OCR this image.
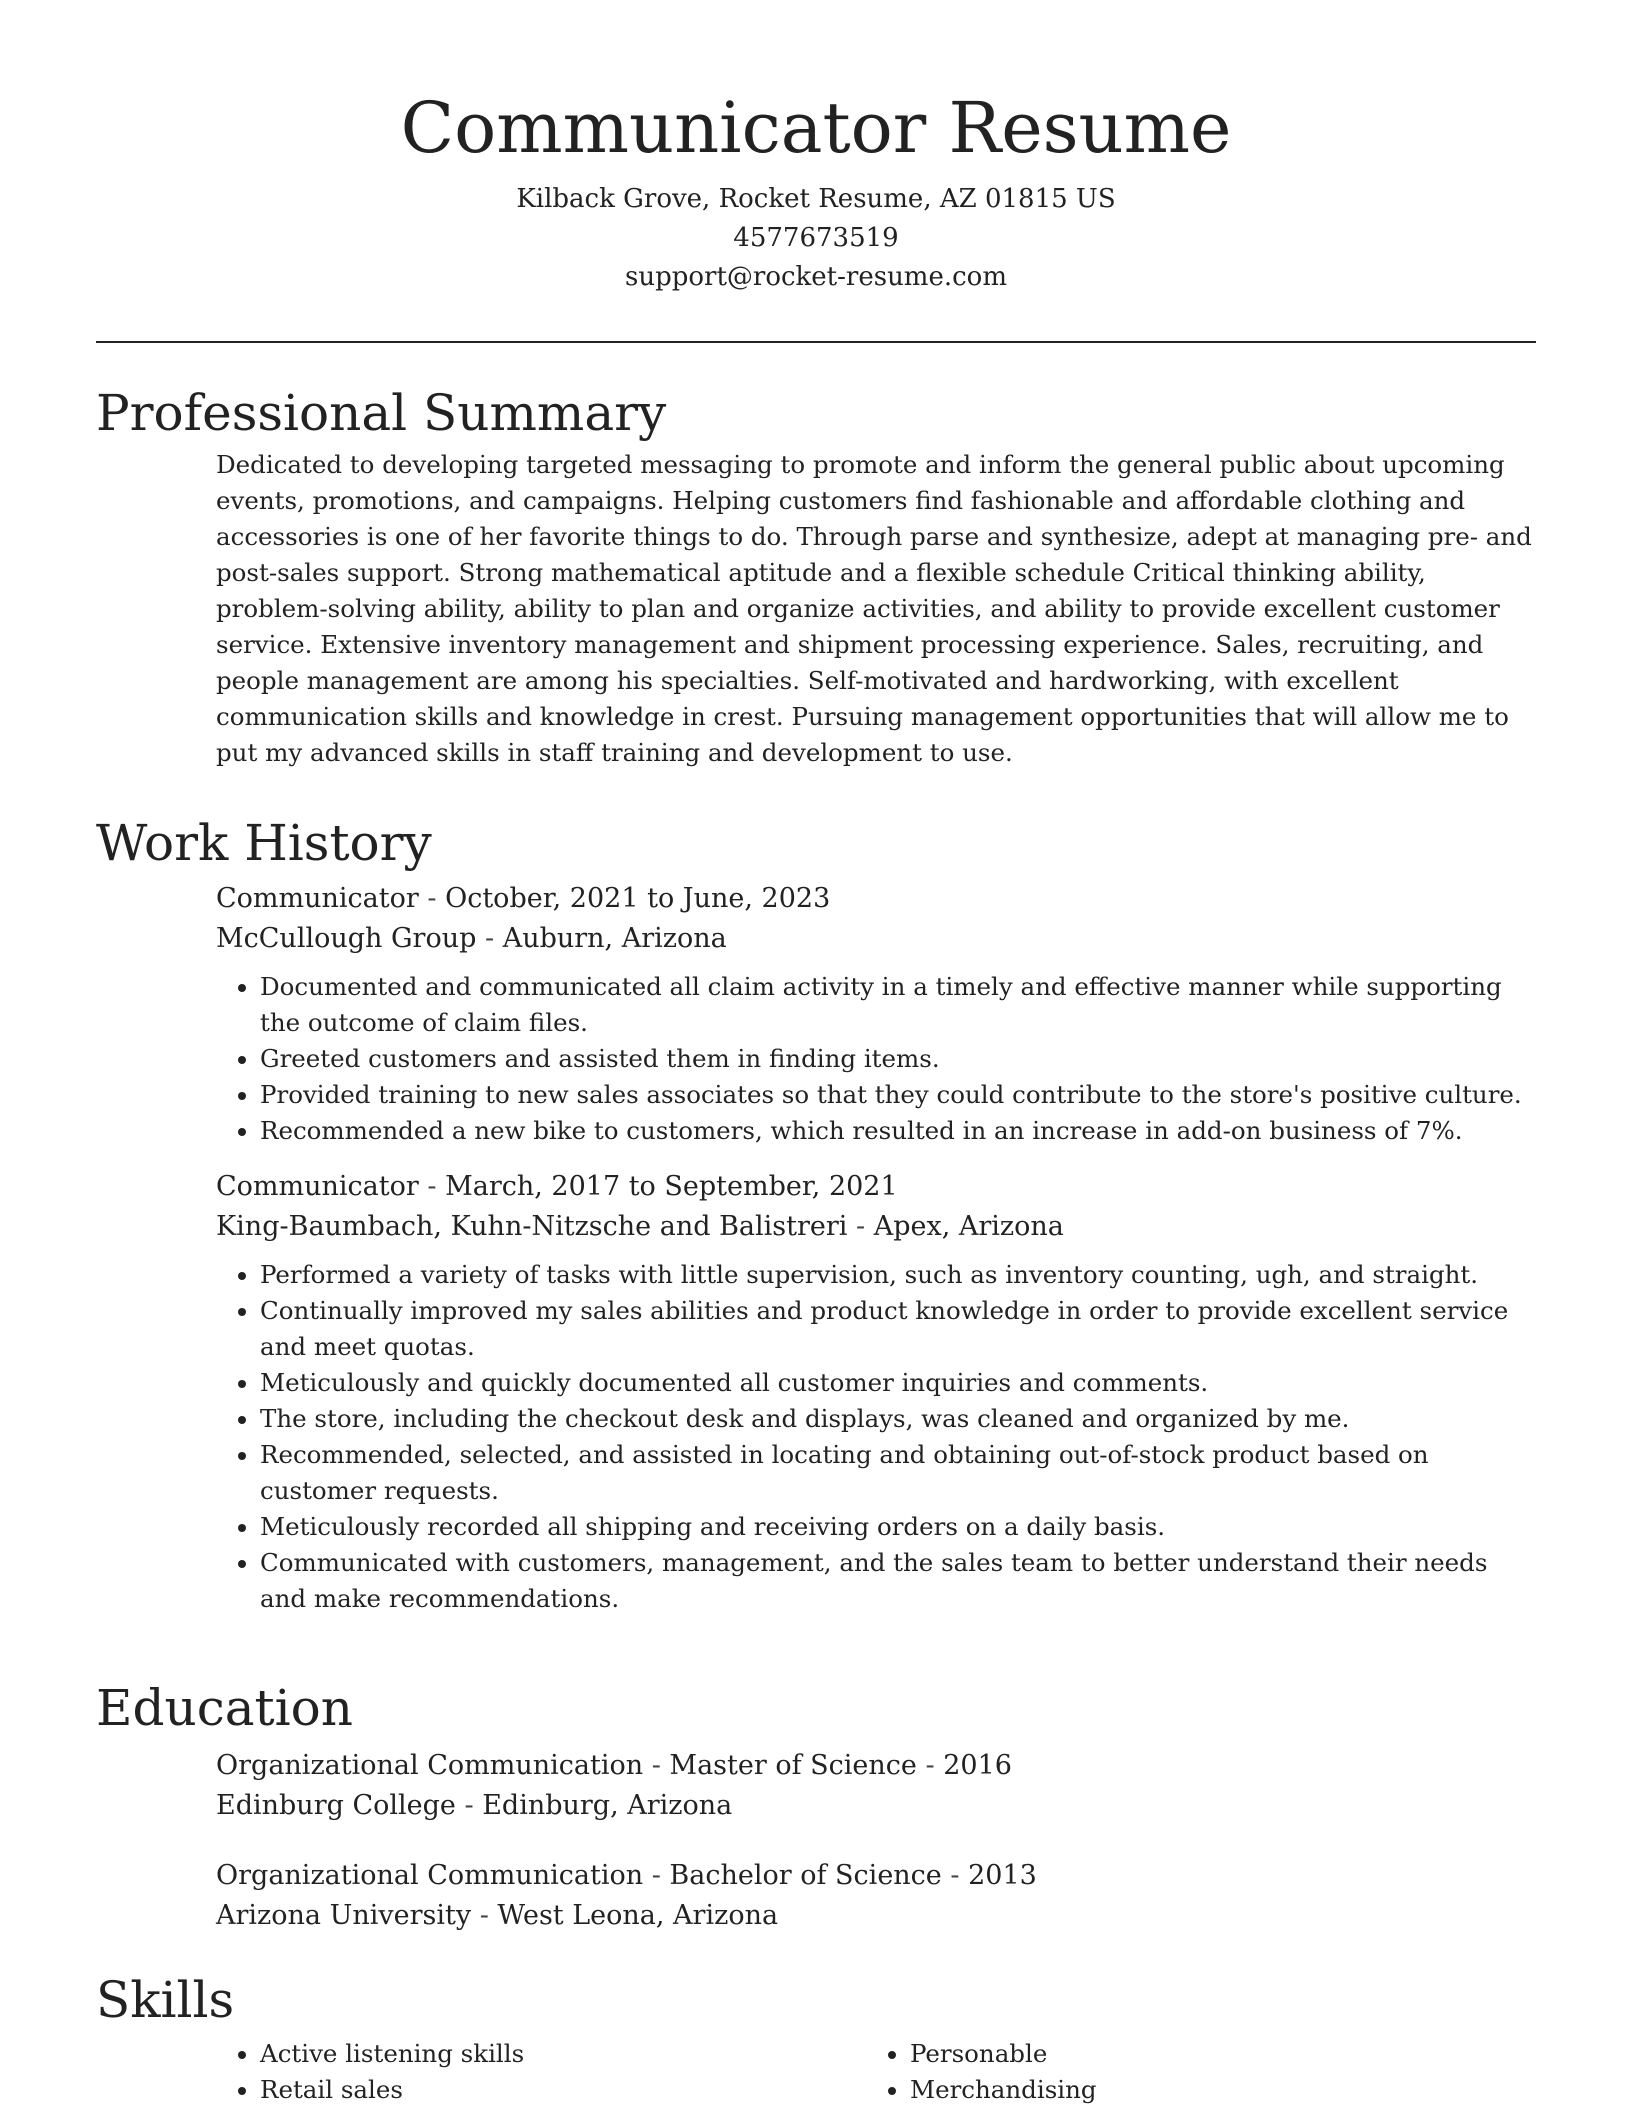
Communicator Resume
Kilback Grove, Rocket Resume, AZ 01815 US
4577673519
support@rocket-resume.com
Professional Summary

Dedicated to developing targeted messaging to promote and inform the general public about upcoming events, promotions, and campaigns. Helping customers find fashionable and affordable clothing and accessories is one of her favorite things to do. Through parse and synthesize, adept at managing pre- and post-sales support. Strong mathematical aptitude and a flexible schedule Critical thinking ability, problem-solving ability, ability to plan and organize activities, and ability to provide excellent customer service. Extensive inventory management and shipment processing experience. Sales, recruiting, and people management are among his specialties. Self-motivated and hardworking, with excellent communication skills and knowledge in crest. Pursuing management opportunities that will allow me to put my advanced skills in staff training and development to use.

Work History
Communicator - October, 2021 to June, 2023
McCullough Group - Auburn, Arizona
• Documented and communicated all claim activity in a timely and effective manner while supporting the outcome of claim files.
• Greeted customers and assisted them in finding items.
• Provided training to new sales associates so that they could contribute to the store's positive culture.
• Recommended a new bike to customers, which resulted in an increase in add-on business of 7%.
Communicator - March, 2017 to September, 2021
King-Baumbach, Kuhn-Nitzsche and Balistreri - Apex, Arizona
• Performed a variety of tasks with little supervision, such as inventory counting, ugh, and straight.
• Continually improved my sales abilities and product knowledge in order to provide excellent service and meet quotas.
• Meticulously and quickly documented all customer inquiries and comments.
• The store, including the checkout desk and displays, was cleaned and organized by me.
• Recommended, selected, and assisted in locating and obtaining out-of-stock product based on customer requests.
• Meticulously recorded all shipping and receiving orders on a daily basis.
• Communicated with customers, management, and the sales team to better understand their needs and make recommendations.
Education
Organizational Communication - Master of Science - 2016
Edinburg College - Edinburg, Arizona
Organizational Communication - Bachelor of Science - 2013
Arizona University - West Leona, Arizona
Skills
• Active listening skills
• Retail sales
• Personable
• Merchandising
